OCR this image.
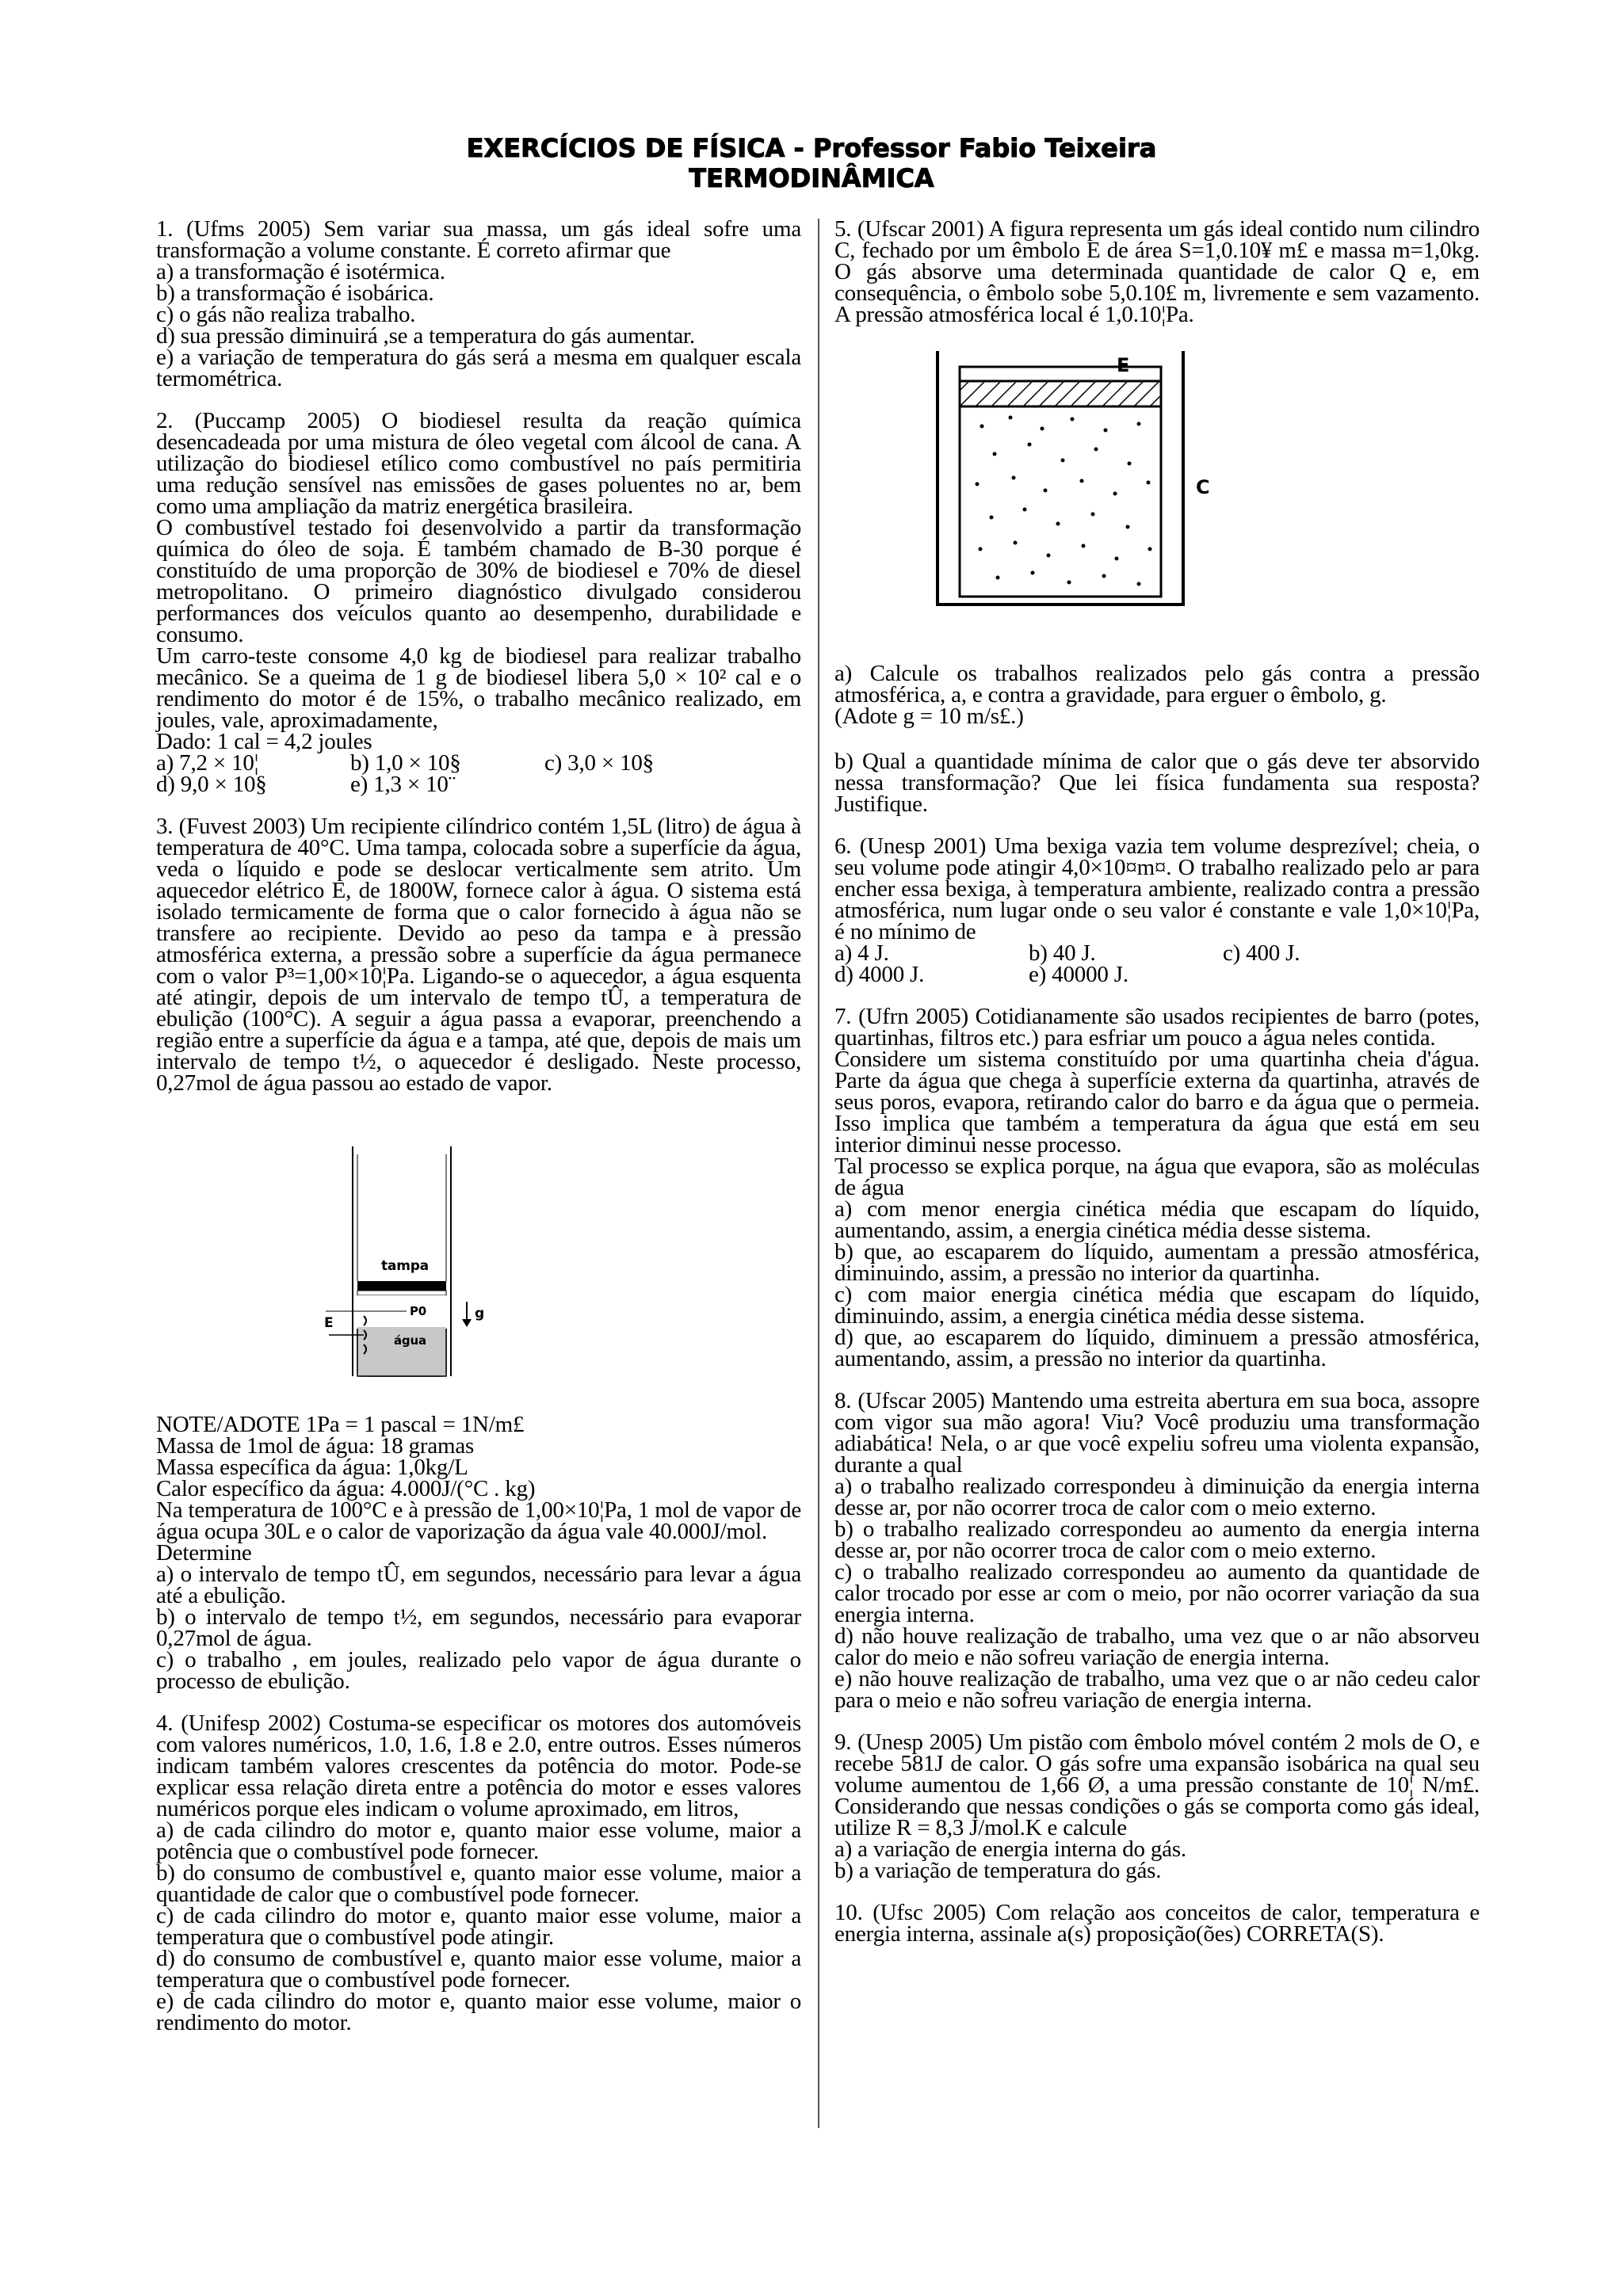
EXERCÍCIOS DE FÍSICA - Professor Fabio Teixeira
TERMODINÂMICA

1. (Ufms 2005) Sem variar sua massa, um gás ideal sofre uma transformação a volume constante. É correto afirmar que

a) a transformação é isotérmica.

b) a transformação é isobárica.

c) o gás não realiza trabalho.

d) sua pressão diminuirá ,se a temperatura do gás aumentar.

e) a variação de temperatura do gás será a mesma em qualquer escala termométrica.

2. (Puccamp 2005) O biodiesel resulta da reação química desencadeada por uma mistura de óleo vegetal com álcool de cana. A utilização do biodiesel etílico como combustível no país permitiria uma redução sensível nas emissões de gases poluentes no ar, bem como uma ampliação da matriz energética brasileira.

O combustível testado foi desenvolvido a partir da transformação química do óleo de soja. É também chamado de B-30 porque é constituído de uma proporção de 30% de biodiesel e 70% de diesel metropolitano. O primeiro diagnóstico divulgado considerou performances dos veículos quanto ao desempenho, durabilidade e consumo.

Um carro-teste consome 4,0 kg de biodiesel para realizar trabalho mecânico. Se a queima de 1 g de biodiesel libera 5,0 × 10² cal e o rendimento do motor é de 15%, o trabalho mecânico realizado, em joules, vale, aproximadamente,

Dado: 1 cal = 4,2 joules

a) 7,2 × 10¦	b) 1,0 × 10§	c) 3,0 × 10§
d) 9,0 × 10§	e) 1,3 × 10¨

3. (Fuvest 2003) Um recipiente cilíndrico contém 1,5L (litro) de água à temperatura de 40°C. Uma tampa, colocada sobre a superfície da água, veda o líquido e pode se deslocar verticalmente sem atrito. Um aquecedor elétrico E, de 1800W, fornece calor à água. O sistema está isolado termicamente de forma que o calor fornecido à água não se transfere ao recipiente. Devido ao peso da tampa e à pressão atmosférica externa, a pressão sobre a superfície da água permanece com o valor P³=1,00×10¦Pa. Ligando-se o aquecedor, a água esquenta até atingir, depois de um intervalo de tempo tÛ, a temperatura de ebulição (100°C). A seguir a água passa a evaporar, preenchendo a região entre a superfície da água e a tampa, até que, depois de mais um intervalo de tempo t½, o aquecedor é desligado. Neste processo, 0,27mol de água passou ao estado de vapor.

tampa
E
P0	g
água

NOTE/ADOTE 1Pa = 1 pascal = 1N/m£

Massa de 1mol de água: 18 gramas

Massa específica da água: 1,0kg/L

Calor específico da água: 4.000J/(°C . kg)

Na temperatura de 100°C e à pressão de 1,00×10¦Pa, 1 mol de vapor de água ocupa 30L e o calor de vaporização da água vale 40.000J/mol.

Determine

a) o intervalo de tempo tÛ, em segundos, necessário para levar a água até a ebulição.

b) o intervalo de tempo t½, em segundos, necessário para evaporar 0,27mol de água.

c) o trabalho , em joules, realizado pelo vapor de água durante o processo de ebulição.

4. (Unifesp 2002) Costuma-se especificar os motores dos automóveis com valores numéricos, 1.0, 1.6, 1.8 e 2.0, entre outros. Esses números indicam também valores crescentes da potência do motor. Pode-se explicar essa relação direta entre a potência do motor e esses valores numéricos porque eles indicam o volume aproximado, em litros,

a) de cada cilindro do motor e, quanto maior esse volume, maior a potência que o combustível pode fornecer.

b) do consumo de combustível e, quanto maior esse volume, maior a quantidade de calor que o combustível pode fornecer.

c) de cada cilindro do motor e, quanto maior esse volume, maior a temperatura que o combustível pode atingir.

d) do consumo de combustível e, quanto maior esse volume, maior a temperatura que o combustível pode fornecer.

e) de cada cilindro do motor e, quanto maior esse volume, maior o rendimento do motor.

5. (Ufscar 2001) A figura representa um gás ideal contido num cilindro C, fechado por um êmbolo E de área S=1,0.10¥ m£ e massa m=1,0kg. O gás absorve uma determinada quantidade de calor Q e, em consequência, o êmbolo sobe 5,0.10£ m, livremente e sem vazamento. A pressão atmosférica local é 1,0.10¦Pa.

E
C

a) Calcule os trabalhos realizados pelo gás contra a pressão atmosférica, a, e contra a gravidade, para erguer o êmbolo, g.

(Adote g = 10 m/s£.)

b) Qual a quantidade mínima de calor que o gás deve ter absorvido nessa transformação? Que lei física fundamenta sua resposta? Justifique.

6. (Unesp 2001) Uma bexiga vazia tem volume desprezível; cheia, o seu volume pode atingir 4,0×10¤m¤. O trabalho realizado pelo ar para encher essa bexiga, à temperatura ambiente, realizado contra a pressão atmosférica, num lugar onde o seu valor é constante e vale 1,0×10¦Pa, é no mínimo de

a) 4 J.	b) 40 J.	c) 400 J.
d) 4000 J.	e) 40000 J.

7. (Ufrn 2005) Cotidianamente são usados recipientes de barro (potes, quartinhas, filtros etc.) para esfriar um pouco a água neles contida.

Considere um sistema constituído por uma quartinha cheia d'água. Parte da água que chega à superfície externa da quartinha, através de seus poros, evapora, retirando calor do barro e da água que o permeia. Isso implica que também a temperatura da água que está em seu interior diminui nesse processo.

Tal processo se explica porque, na água que evapora, são as moléculas de água

a) com menor energia cinética média que escapam do líquido, aumentando, assim, a energia cinética média desse sistema.

b) que, ao escaparem do líquido, aumentam a pressão atmosférica, diminuindo, assim, a pressão no interior da quartinha.

c) com maior energia cinética média que escapam do líquido, diminuindo, assim, a energia cinética média desse sistema.

d) que, ao escaparem do líquido, diminuem a pressão atmosférica, aumentando, assim, a pressão no interior da quartinha.

8. (Ufscar 2005) Mantendo uma estreita abertura em sua boca, assopre com vigor sua mão agora! Viu? Você produziu uma transformação adiabática! Nela, o ar que você expeliu sofreu uma violenta expansão, durante a qual

a) o trabalho realizado correspondeu à diminuição da energia interna desse ar, por não ocorrer troca de calor com o meio externo.

b) o trabalho realizado correspondeu ao aumento da energia interna desse ar, por não ocorrer troca de calor com o meio externo.

c) o trabalho realizado correspondeu ao aumento da quantidade de calor trocado por esse ar com o meio, por não ocorrer variação da sua energia interna.

d) não houve realização de trabalho, uma vez que o ar não absorveu calor do meio e não sofreu variação de energia interna.

e) não houve realização de trabalho, uma vez que o ar não cedeu calor para o meio e não sofreu variação de energia interna.

9. (Unesp 2005) Um pistão com êmbolo móvel contém 2 mols de O‚ e recebe 581J de calor. O gás sofre uma expansão isobárica na qual seu volume aumentou de 1,66 Ø, a uma pressão constante de 10¦ N/m£. Considerando que nessas condições o gás se comporta como gás ideal, utilize R = 8,3 J/mol.K e calcule

a) a variação de energia interna do gás.

b) a variação de temperatura do gás.

10. (Ufsc 2005) Com relação aos conceitos de calor, temperatura e energia interna, assinale a(s) proposição(ões) CORRETA(S).
